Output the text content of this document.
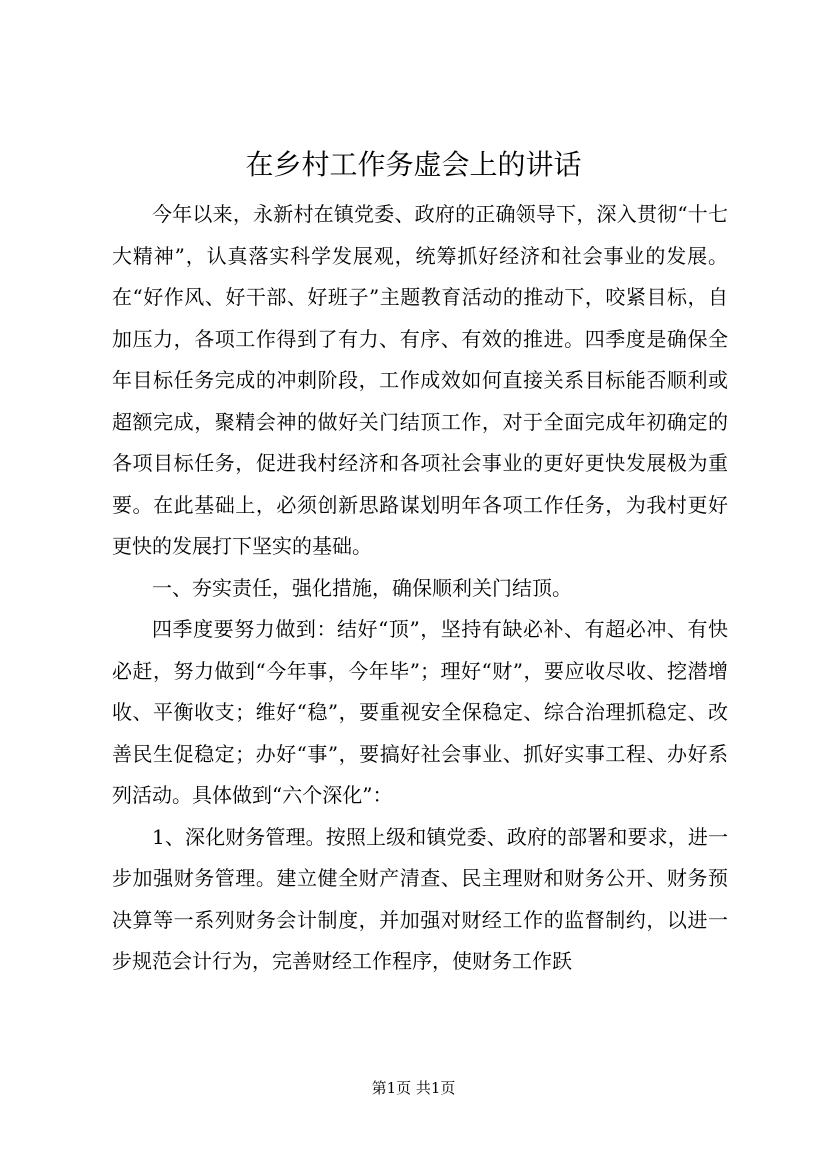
在乡村工作务虚会上的讲话

今年以来，永新村在镇党委、政府的正确领导下，深入贯彻“十七大精神”，认真落实科学发展观，统筹抓好经济和社会事业的发展。在“好作风、好干部、好班子”主题教育活动的推动下，咬紧目标，自加压力，各项工作得到了有力、有序、有效的推进。四季度是确保全年目标任务完成的冲刺阶段，工作成效如何直接关系目标能否顺利或超额完成，聚精会神的做好关门结顶工作，对于全面完成年初确定的各项目标任务，促进我村经济和各项社会事业的更好更快发展极为重要。在此基础上，必须创新思路谋划明年各项工作任务，为我村更好更快的发展打下坚实的基础。

一、夯实责任，强化措施，确保顺利关门结顶。

四季度要努力做到：结好“顶”，坚持有缺必补、有超必冲、有快必赶，努力做到“今年事，今年毕”；理好“财”，要应收尽收、挖潜增收、平衡收支；维好“稳”，要重视安全保稳定、综合治理抓稳定、改善民生促稳定；办好“事”，要搞好社会事业、抓好实事工程、办好系列活动。具体做到“六个深化”：

1、深化财务管理。按照上级和镇党委、政府的部署和要求，进一步加强财务管理。建立健全财产清查、民主理财和财务公开、财务预决算等一系列财务会计制度，并加强对财经工作的监督制约，以进一步规范会计行为，完善财经工作程序，使财务工作跃

第1页 共1页
